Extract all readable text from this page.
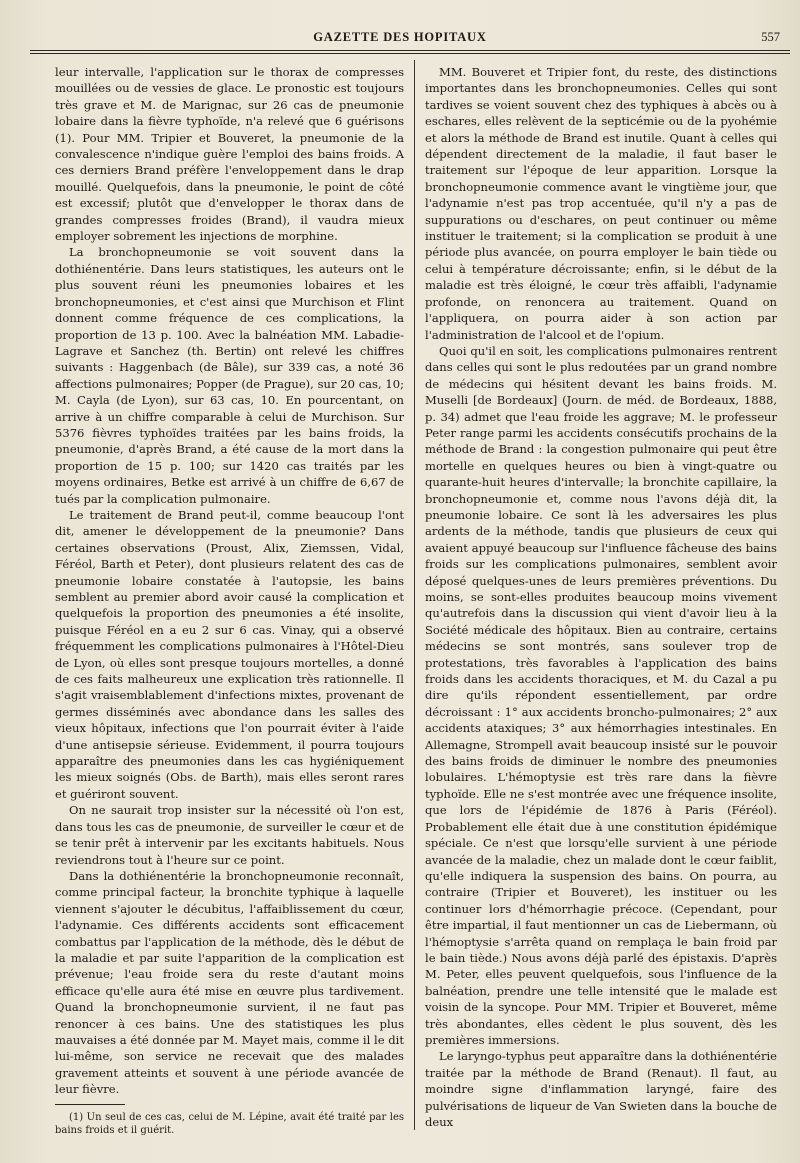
GAZETTE DES HOPITAUX	557

leur intervalle, l'application sur le thorax de compresses mouillées ou de vessies de glace. Le pronostic est toujours très grave et M. de Marignac, sur 26 cas de pneumonie lobaire dans la fièvre typhoïde, n'a relevé que 6 guérisons (1). Pour MM. Tripier et Bouveret, la pneumonie de la convalescence n'indique guère l'emploi des bains froids. A ces derniers Brand préfère l'enveloppement dans le drap mouillé. Quelquefois, dans la pneumonie, le point de côté est excessif; plutôt que d'envelopper le thorax dans de grandes compresses froides (Brand), il vaudra mieux employer sobrement les injections de morphine.

La bronchopneumonie se voit souvent dans la dothiénentérie. Dans leurs statistiques, les auteurs ont le plus souvent réuni les pneumonies lobaires et les bronchopneumonies, et c'est ainsi que Murchison et Flint donnent comme fréquence de ces complications, la proportion de 13 p. 100. Avec la balnéation MM. Labadie-Lagrave et Sanchez (th. Bertin) ont relevé les chiffres suivants : Haggenbach (de Bâle), sur 339 cas, a noté 36 affections pulmonaires; Popper (de Prague), sur 20 cas, 10; M. Cayla (de Lyon), sur 63 cas, 10. En pourcentant, on arrive à un chiffre comparable à celui de Murchison. Sur 5376 fièvres typhoïdes traitées par les bains froids, la pneumonie, d'après Brand, a été cause de la mort dans la proportion de 15 p. 100; sur 1420 cas traités par les moyens ordinaires, Betke est arrivé à un chiffre de 6,67 de tués par la complication pulmonaire.

Le traitement de Brand peut-il, comme beaucoup l'ont dit, amener le développement de la pneumonie? Dans certaines observations (Proust, Alix, Ziemssen, Vidal, Féréol, Barth et Peter), dont plusieurs relatent des cas de pneumonie lobaire constatée à l'autopsie, les bains semblent au premier abord avoir causé la complication et quelquefois la proportion des pneumonies a été insolite, puisque Féréol en a eu 2 sur 6 cas. Vinay, qui a observé fréquemment les complications pulmonaires à l'Hôtel-Dieu de Lyon, où elles sont presque toujours mortelles, a donné de ces faits malheureux une explication très rationnelle. Il s'agit vraisemblablement d'infections mixtes, provenant de germes disséminés avec abondance dans les salles des vieux hôpitaux, infections que l'on pourrait éviter à l'aide d'une antisepsie sérieuse. Evidemment, il pourra toujours apparaître des pneumonies dans les cas hygiéniquement les mieux soignés (Obs. de Barth), mais elles seront rares et guériront souvent.

On ne saurait trop insister sur la nécessité où l'on est, dans tous les cas de pneumonie, de surveiller le cœur et de se tenir prêt à intervenir par les excitants habituels. Nous reviendrons tout à l'heure sur ce point.

Dans la dothiénentérie la bronchopneumonie reconnaît, comme principal facteur, la bronchite typhique à laquelle viennent s'ajouter le décubitus, l'affaiblissement du cœur, l'adynamie. Ces différents accidents sont efficacement combattus par l'application de la méthode, dès le début de la maladie et par suite l'apparition de la complication est prévenue; l'eau froide sera du reste d'autant moins efficace qu'elle aura été mise en œuvre plus tardivement. Quand la bronchopneumonie survient, il ne faut pas renoncer à ces bains. Une des statistiques les plus mauvaises a été donnée par M. Mayet mais, comme il le dit lui-même, son service ne recevait que des malades gravement atteints et souvent à une période avancée de leur fièvre.

(1) Un seul de ces cas, celui de M. Lépine, avait été traité par les bains froids et il guérit.

MM. Bouveret et Tripier font, du reste, des distinctions importantes dans les bronchopneumonies. Celles qui sont tardives se voient souvent chez des typhiques à abcès ou à eschares, elles relèvent de la septicémie ou de la pyohémie et alors la méthode de Brand est inutile. Quant à celles qui dépendent directement de la maladie, il faut baser le traitement sur l'époque de leur apparition. Lorsque la bronchopneumonie commence avant le vingtième jour, que l'adynamie n'est pas trop accentuée, qu'il n'y a pas de suppurations ou d'eschares, on peut continuer ou même instituer le traitement; si la complication se produit à une période plus avancée, on pourra employer le bain tiède ou celui à température décroissante; enfin, si le début de la maladie est très éloigné, le cœur très affaibli, l'adynamie profonde, on renoncera au traitement. Quand on l'appliquera, on pourra aider à son action par l'administration de l'alcool et de l'opium.

Quoi qu'il en soit, les complications pulmonaires rentrent dans celles qui sont le plus redoutées par un grand nombre de médecins qui hésitent devant les bains froids. M. Muselli [de Bordeaux] (Journ. de méd. de Bordeaux, 1888, p. 34) admet que l'eau froide les aggrave; M. le professeur Peter range parmi les accidents consécutifs prochains de la méthode de Brand : la congestion pulmonaire qui peut être mortelle en quelques heures ou bien à vingt-quatre ou quarante-huit heures d'intervalle; la bronchite capillaire, la bronchopneumonie et, comme nous l'avons déjà dit, la pneumonie lobaire. Ce sont là les adversaires les plus ardents de la méthode, tandis que plusieurs de ceux qui avaient appuyé beaucoup sur l'influence fâcheuse des bains froids sur les complications pulmonaires, semblent avoir déposé quelques-unes de leurs premières préventions. Du moins, se sont-elles produites beaucoup moins vivement qu'autrefois dans la discussion qui vient d'avoir lieu à la Société médicale des hôpitaux. Bien au contraire, certains médecins se sont montrés, sans soulever trop de protestations, très favorables à l'application des bains froids dans les accidents thoraciques, et M. du Cazal a pu dire qu'ils répondent essentiellement, par ordre décroissant : 1° aux accidents broncho-pulmonaires; 2° aux accidents ataxiques; 3° aux hémorrhagies intestinales. En Allemagne, Strompell avait beaucoup insisté sur le pouvoir des bains froids de diminuer le nombre des pneumonies lobulaires. L'hémoptysie est très rare dans la fièvre typhoïde. Elle ne s'est montrée avec une fréquence insolite, que lors de l'épidémie de 1876 à Paris (Féréol). Probablement elle était due à une constitution épidémique spéciale. Ce n'est que lorsqu'elle survient à une période avancée de la maladie, chez un malade dont le cœur faiblit, qu'elle indiquera la suspension des bains. On pourra, au contraire (Tripier et Bouveret), les instituer ou les continuer lors d'hémorrhagie précoce. (Cependant, pour être impartial, il faut mentionner un cas de Liebermann, où l'hémoptysie s'arrêta quand on remplaça le bain froid par le bain tiède.) Nous avons déjà parlé des épistaxis. D'après M. Peter, elles peuvent quelquefois, sous l'influence de la balnéation, prendre une telle intensité que le malade est voisin de la syncope. Pour MM. Tripier et Bouveret, même très abondantes, elles cèdent le plus souvent, dès les premières immersions.

Le laryngo-typhus peut apparaître dans la dothiénentérie traitée par la méthode de Brand (Renaut). Il faut, au moindre signe d'inflammation laryngé, faire des pulvérisations de liqueur de Van Swieten dans la bouche de deux
